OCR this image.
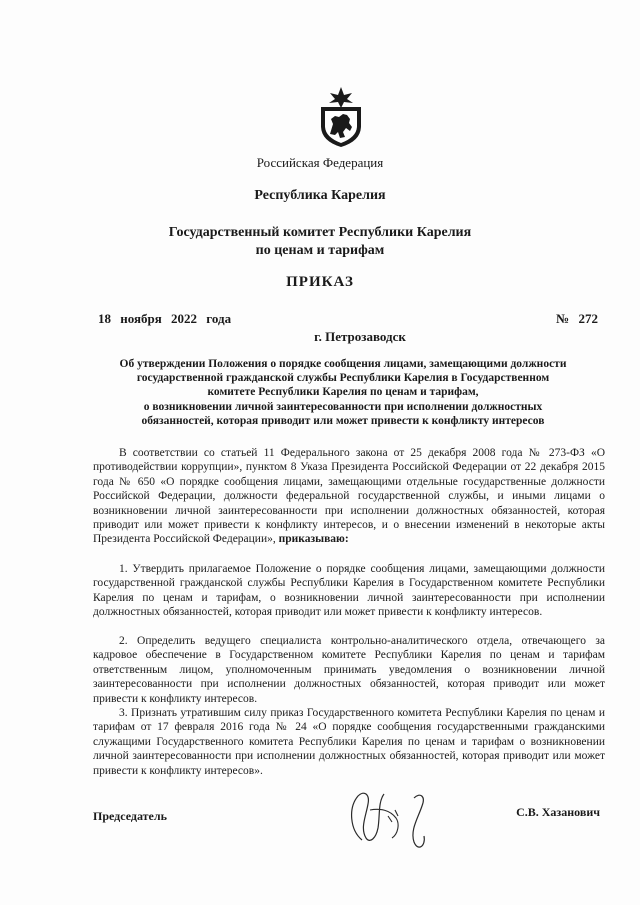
Российская Федерация
Республика Карелия
Государственный комитет Республики Карелия
по ценам и тарифам
ПРИКАЗ
18 ноября 2022 года	№ 272
г. Петрозаводск
Об утверждении Положения о порядке сообщения лицами, замещающими должности
государственной гражданской службы Республики Карелия в Государственном
комитете Республики Карелия по ценам и тарифам,
о возникновении личной заинтересованности при исполнении должностных
обязанностей, которая приводит или может привести к конфликту интересов
В соответствии со статьей 11 Федерального закона от 25 декабря 2008 года № 273-ФЗ «О противодействии коррупции», пунктом 8 Указа Президента Российской Федерации от 22 декабря 2015 года № 650 «О порядке сообщения лицами, замещающими отдельные государственные должности Российской Федерации, должности федеральной государственной службы, и иными лицами о возникновении личной заинтересованности при исполнении должностных обязанностей, которая приводит или может привести к конфликту интересов, и о внесении изменений в некоторые акты Президента Российской Федерации», приказываю:
1. Утвердить прилагаемое Положение о порядке сообщения лицами, замещающими должности государственной гражданской службы Республики Карелия в Государственном комитете Республики Карелия по ценам и тарифам, о возникновении личной заинтересованности при исполнении должностных обязанностей, которая приводит или может привести к конфликту интересов.
2. Определить ведущего специалиста контрольно-аналитического отдела, отвечающего за кадровое обеспечение в Государственном комитете Республики Карелия по ценам и тарифам ответственным лицом, уполномоченным принимать уведомления о возникновении личной заинтересованности при исполнении должностных обязанностей, которая приводит или может привести к конфликту интересов.
3. Признать утратившим силу приказ Государственного комитета Республики Карелия по ценам и тарифам от 17 февраля 2016 года № 24 «О порядке сообщения государственными гражданскими служащими Государственного комитета Республики Карелия по ценам и тарифам о возникновении личной заинтересованности при исполнении должностных обязанностей, которая приводит или может привести к конфликту интересов».
Председатель	С.В. Хазанович
